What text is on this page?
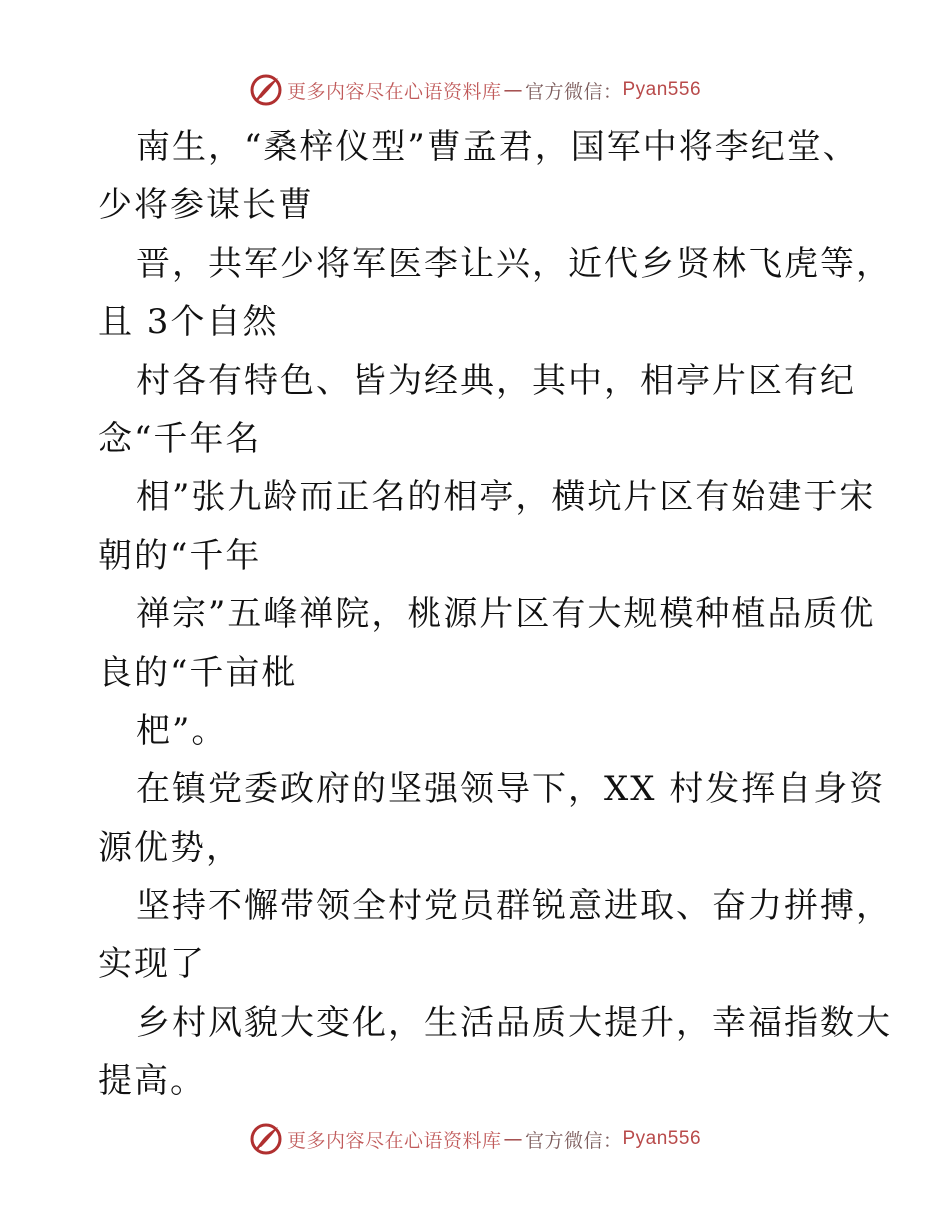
更多内容尽在心语资料库 — 官方微信： Pyan556
南生，“桑梓仪型”曹孟君，国军中将李纪堂、
少将参谋长曹
晋，共军少将军医李让兴，近代乡贤林飞虎等，
且 3个自然
村各有特色、皆为经典，其中，相亭片区有纪
念“千年名
相”张九龄而正名的相亭，横坑片区有始建于宋
朝的“千年
禅宗”五峰禅院，桃源片区有大规模种植品质优
良的“千亩枇
杷”。
在镇党委政府的坚强领导下，XX 村发挥自身资
源优势，
坚持不懈带领全村党员群锐意进取、奋力拼搏，
实现了
乡村风貌大变化，生活品质大提升，幸福指数大
提高。
更多内容尽在心语资料库 — 官方微信： Pyan556
